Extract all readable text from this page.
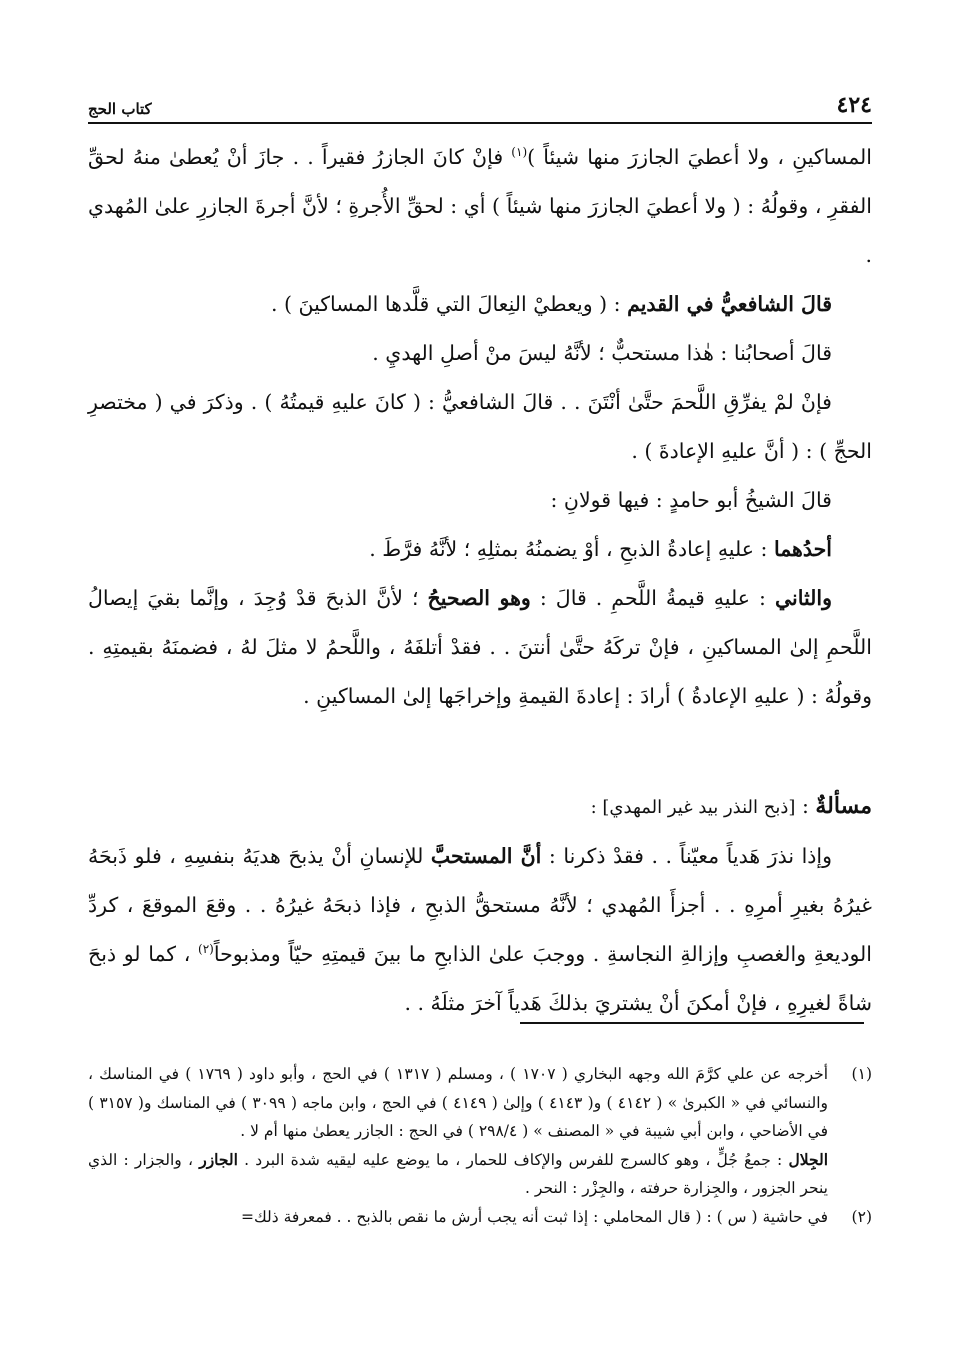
٤٢٤
كتاب الحج

المساكينِ ، ولا أعطيَ الجازرَ منها شيئاً )$^{(١)}$ فإنْ كانَ الجازرُ فقيراً . . جازَ أنْ يُعطىٰ منهُ لحقِّ الفقرِ ، وقولُهُ : ( ولا أعطيَ الجازرَ منها شيئاً ) أي : لحقِّ الأُجرةِ ؛ لأنَّ أجرةَ الجازرِ علىٰ المُهدي .

قالَ الشافعيُّ في القديم : ( ويعطيْ النِعالَ التي قلَّدها المساكينَ ) .

قالَ أصحابُنا : هٰذا مستحبٌّ ؛ لأنَّهُ ليسَ منْ أصلِ الهديِ .

فإنْ لمْ يفرِّقِ اللَّحمَ حتَّىٰ أنْتَنَ . . قالَ الشافعيُّ : ( كانَ عليهِ قيمتُهُ ) . وذكرَ في ( مختصرِ الحجِّ ) : ( أنَّ عليهِ الإعادةَ ) .

قالَ الشيخُ أبو حامدٍ : فيها قولانِ :

أحدُهما : عليهِ إعادةُ الذبحِ ، أوْ يضمنُهُ بمثلِهِ ؛ لأنَّهُ فرَّطَ .

والثاني : عليهِ قيمةُ اللَّحمِ . قالَ : وهو الصحيحُ ؛ لأنَّ الذبحَ قدْ وُجِدَ ، وإنَّما بقيَ إيصالُ اللَّحمِ إلىٰ المساكينِ ، فإنْ تركَهُ حتَّىٰ أنتنَ . . فقدْ أتلفَهُ ، واللَّحمُ لا مثلَ لهُ ، فضمنَهُ بقيمتِهِ . وقولُهُ : ( عليهِ الإعادةُ ) أرادَ : إعادةَ القيمةِ وإخراجَها إلىٰ المساكينِ .

مسألةٌ : [ذبح النذر بيد غير المهدي] :

وإذا نذرَ هَدياً معيّناً . . فقدْ ذكرنا : أنَّ المستحبَّ للإنسانِ أنْ يذبحَ هديَهُ بنفسِهِ ، فلو ذَبحَهُ غيرُهُ بغيرِ أمرِهِ . . أجزأَ المُهدي ؛ لأنَّهُ مستحقُّ الذبحِ ، فإذا ذبحَهُ غيرُهُ . . وقعَ الموقعَ ، كردِّ الوديعةِ والغصبِ وإزالةِ النجاسةِ . ووجبَ علىٰ الذابحِ ما بينَ قيمتِهِ حيّاً ومذبوحاً$^{(٢)}$ ، كما لو ذبحَ شاةً لغيرِهِ ، فإنْ أمكنَ أنْ يشتريَ بذلكَ هَدياً آخرَ مثلَهُ . .

(١)

أخرجه عن علي كرَّمَ الله وجهه البخاري ( ١٧٠٧ ) ، ومسلم ( ١٣١٧ ) في الحج ، وأبو داود ( ١٧٦٩ ) في المناسك ، والنسائي في « الكبرىٰ » ( ٤١٤٢ ) و( ٤١٤٣ ) وإلىٰ ( ٤١٤٩ ) في الحج ، وابن ماجه ( ٣٠٩٩ ) في المناسك و( ٣١٥٧ ) في الأضاحي ، وابن أبي شيبة في « المصنف » ( ٢٩٨/٤ ) في الحج : الجازر يعطىٰ منها أم لا .

الجِلال : جمعُ جُلٍّ ، وهو كالسرج للفرس والإكاف للحمار ، ما يوضع عليه ليقيه شدة البرد . الجازر ، والجزار : الذي ينحر الجزور ، والجِزارة حرفته ، والجِزْر : النحر .
(٢)

في حاشية ( س ) : ( قال المحاملي : إذا ثبت أنه يجب أرش ما نقص بالذبح . . فمعرفة ذلك=
